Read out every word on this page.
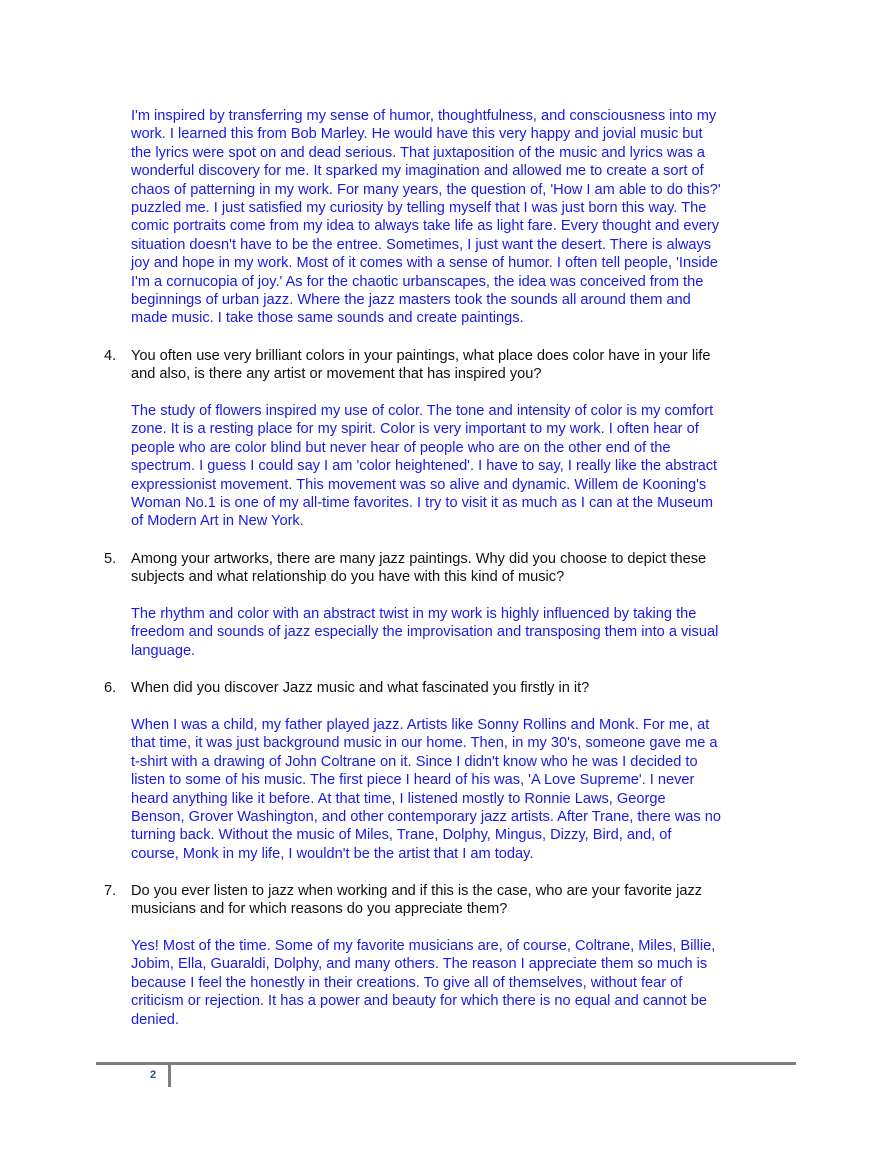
I'm inspired by transferring my sense of humor, thoughtfulness, and consciousness into my
work. I learned this from Bob Marley. He would have this very happy and jovial music but
the lyrics were spot on and dead serious. That juxtaposition of the music and lyrics was a
wonderful discovery for me. It sparked my imagination and allowed me to create a sort of
chaos of patterning in my work. For many years, the question of, 'How I am able to do this?'
puzzled me. I just satisfied my curiosity by telling myself that I was just born this way. The
comic portraits come from my idea to always take life as light fare. Every thought and every
situation doesn't have to be the entree. Sometimes, I just want the desert. There is always
joy and hope in my work. Most of it comes with a sense of humor. I often tell people, 'Inside
I'm a cornucopia of joy.' As for the chaotic urbanscapes, the idea was conceived from the
beginnings of urban jazz. Where the jazz masters took the sounds all around them and
made music. I take those same sounds and create paintings.

4. You often use very brilliant colors in your paintings, what place does color have in your life
and also, is there any artist or movement that has inspired you?

The study of flowers inspired my use of color. The tone and intensity of color is my comfort
zone. It is a resting place for my spirit. Color is very important to my work. I often hear of
people who are color blind but never hear of people who are on the other end of the
spectrum. I guess I could say I am 'color heightened'. I have to say, I really like the abstract
expressionist movement. This movement was so alive and dynamic. Willem de Kooning's
Woman No.1 is one of my all-time favorites. I try to visit it as much as I can at the Museum
of Modern Art in New York.

5. Among your artworks, there are many jazz paintings. Why did you choose to depict these
subjects and what relationship do you have with this kind of music?

The rhythm and color with an abstract twist in my work is highly influenced by taking the
freedom and sounds of jazz especially the improvisation and transposing them into a visual
language.

6. When did you discover Jazz music and what fascinated you firstly in it?

When I was a child, my father played jazz. Artists like Sonny Rollins and Monk. For me, at
that time, it was just background music in our home. Then, in my 30's, someone gave me a
t-shirt with a drawing of John Coltrane on it. Since I didn't know who he was I decided to
listen to some of his music. The first piece I heard of his was, 'A Love Supreme'. I never
heard anything like it before. At that time, I listened mostly to Ronnie Laws, George
Benson, Grover Washington, and other contemporary jazz artists. After Trane, there was no
turning back. Without the music of Miles, Trane, Dolphy, Mingus, Dizzy, Bird, and, of
course, Monk in my life, I wouldn't be the artist that I am today.

7. Do you ever listen to jazz when working and if this is the case, who are your favorite jazz
musicians and for which reasons do you appreciate them?

Yes! Most of the time. Some of my favorite musicians are, of course, Coltrane, Miles, Billie,
Jobim, Ella, Guaraldi, Dolphy, and many others. The reason I appreciate them so much is
because I feel the honestly in their creations. To give all of themselves, without fear of
criticism or rejection. It has a power and beauty for which there is no equal and cannot be
denied.

2
